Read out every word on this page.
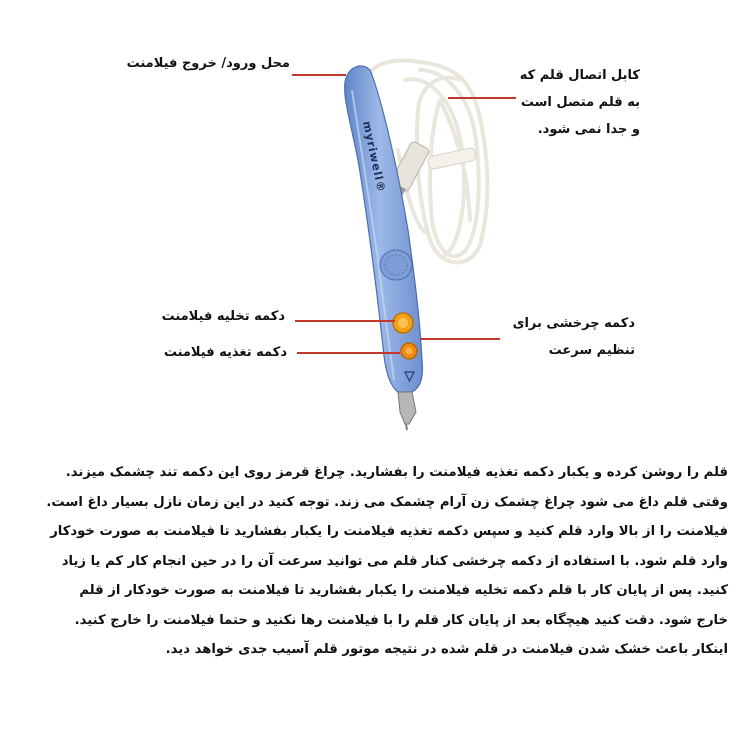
myriwell®
محل ورود/ خروج فیلامنت
کابل اتصال قلم که
به قلم متصل است
و جدا نمی شود.
دکمه تخلیه فیلامنت
دکمه تغذیه فیلامنت
دکمه چرخشی برای
تنظیم سرعت

قلم را روشن کرده و یکبار دکمه تغذیه فیلامنت را بفشارید. چراغ قرمز روی این دکمه تند چشمک میزند.

وقتی قلم داغ می شود چراغ چشمک زن آرام چشمک می زند. توجه کنید در این زمان نازل بسیار داغ است.

فیلامنت را از بالا وارد قلم کنید و سپس دکمه تغذیه فیلامنت را یکبار بفشارید تا فیلامنت به صورت خودکار

وارد قلم شود. با استفاده از دکمه چرخشی کنار قلم می توانید سرعت آن را در حین انجام کار کم یا زیاد

کنید. پس از پایان کار با قلم دکمه تخلیه فیلامنت را یکبار بفشارید تا فیلامنت به صورت خودکار از قلم

خارج شود. دقت کنید هیچگاه بعد از پایان کار قلم را با فیلامنت رها نکنید و حتما فیلامنت را خارج کنید.

اینکار باعث خشک شدن فیلامنت در قلم شده در نتیجه موتور قلم آسیب جدی خواهد دید.
